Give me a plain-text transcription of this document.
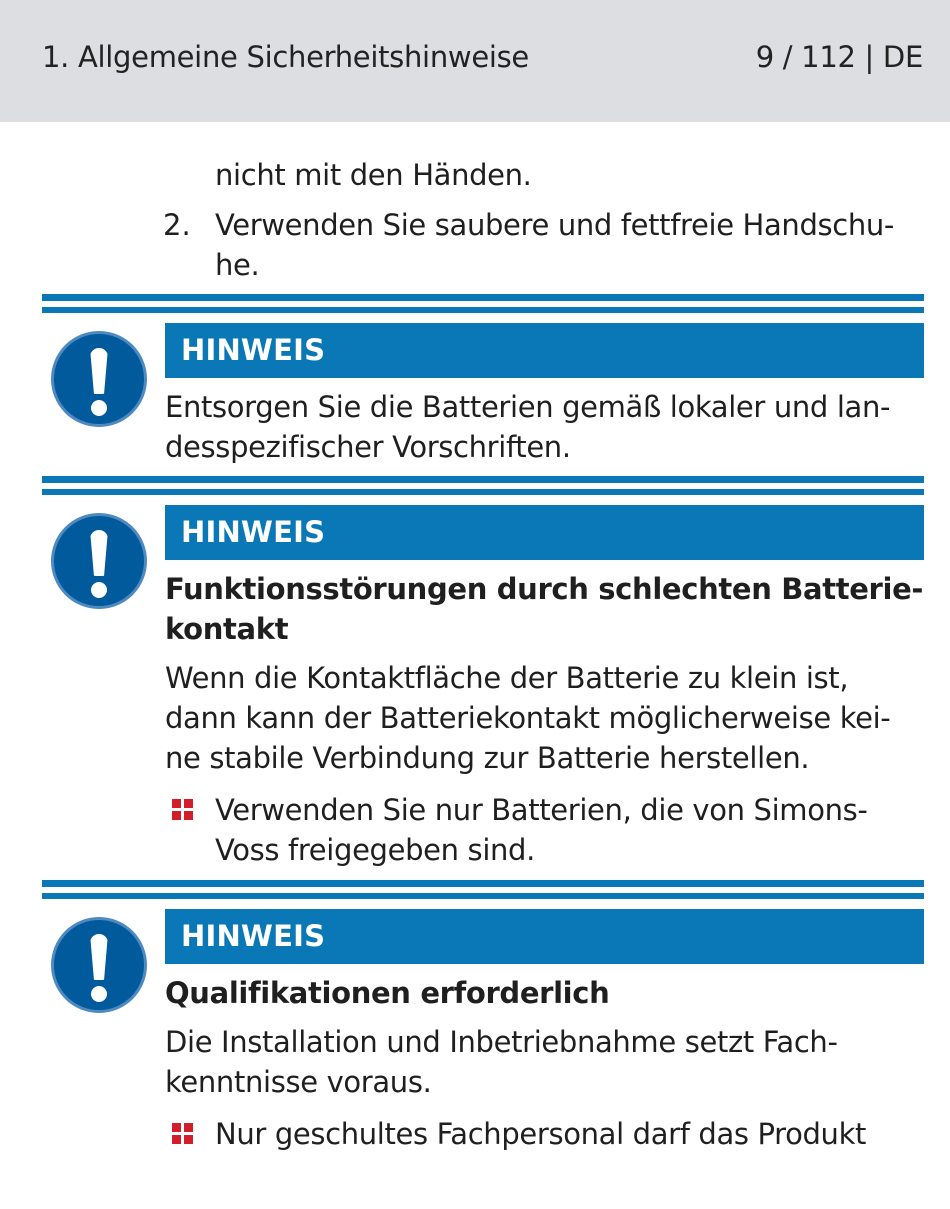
1. Allgemeine Sicherheitshinweise	9 / 112 | DE
nicht mit den Händen.
2. Verwenden Sie saubere und fettfreie Handschu-
he.
HINWEIS
Entsorgen Sie die Batterien gemäß lokaler und lan-
desspezifischer Vorschriften.
HINWEIS
Funktionsstörungen durch schlechten Batterie-
kontakt
Wenn die Kontaktfläche der Batterie zu klein ist,
dann kann der Batteriekontakt möglicherweise kei-
ne stabile Verbindung zur Batterie herstellen.
Verwenden Sie nur Batterien, die von Simons-
Voss freigegeben sind.
HINWEIS
Qualifikationen erforderlich
Die Installation und Inbetriebnahme setzt Fach-
kenntnisse voraus.
Nur geschultes Fachpersonal darf das Produkt
